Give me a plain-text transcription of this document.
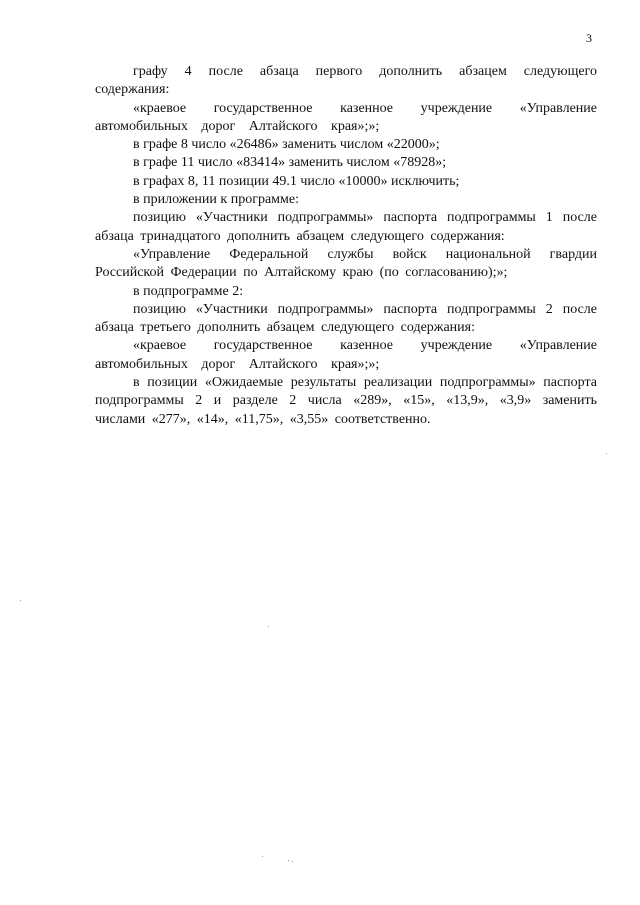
3

графу 4 после абзаца первого дополнить абзацем следующего содержания:

«краевое государственное казенное учреждение «Управление автомобильных дорог Алтайского края»;»;

в графе 8 число «26486» заменить числом «22000»;

в графе 11 число «83414» заменить числом «78928»;

в графах 8, 11 позиции 49.1 число «10000» исключить;

в приложении к программе:

позицию «Участники подпрограммы» паспорта подпрограммы 1 после абзаца тринадцатого дополнить абзацем следующего содержания:

«Управление Федеральной службы войск национальной гвардии Российской Федерации по Алтайскому краю (по согласованию);»;

в подпрограмме 2:

позицию «Участники подпрограммы» паспорта подпрограммы 2 после абзаца третьего дополнить абзацем следующего содержания:

«краевое государственное казенное учреждение «Управление автомобильных дорог Алтайского края»;»;

в позиции «Ожидаемые результаты реализации подпрограммы» паспорта подпрограммы 2 и разделе 2 числа «289», «15», «13,9», «3,9» заменить числами «277», «14», «11,75», «3,55» соответственно.
